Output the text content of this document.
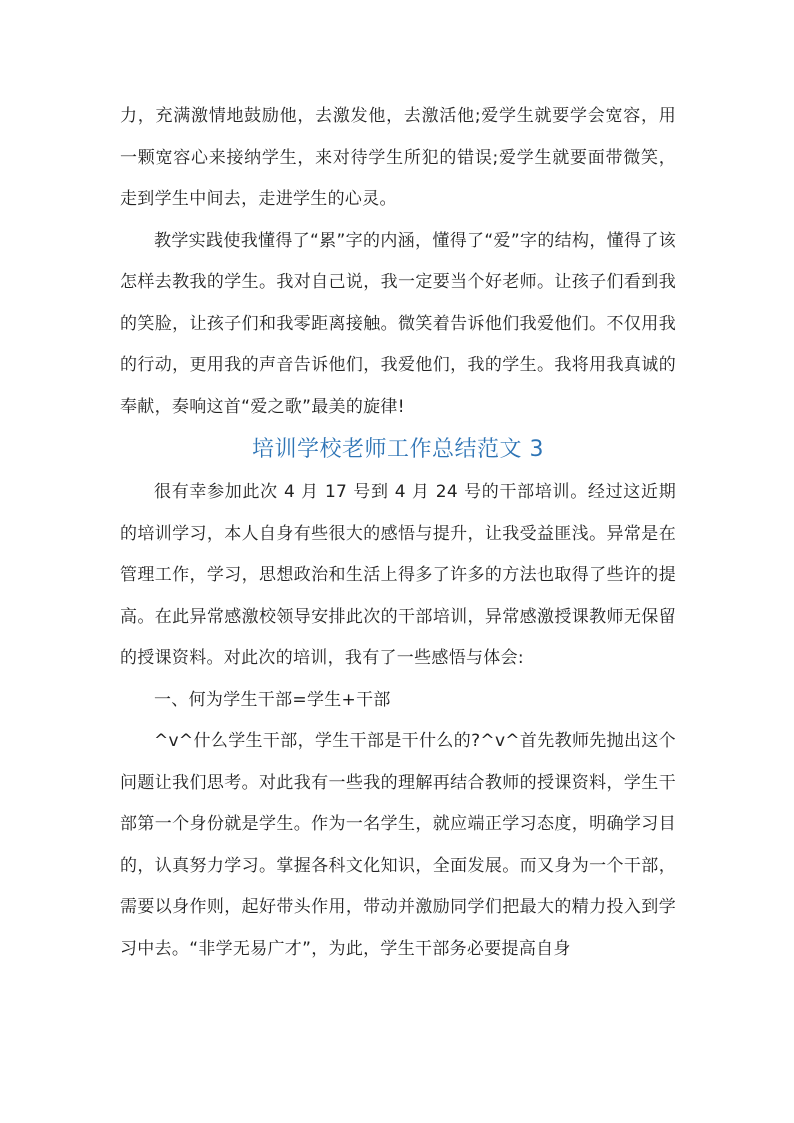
力，充满激情地鼓励他，去激发他，去激活他;爱学生就要学会宽容，用一颗宽容心来接纳学生，来对待学生所犯的错误;爱学生就要面带微笑，走到学生中间去，走进学生的心灵。

教学实践使我懂得了“累”字的内涵，懂得了“爱”字的结构，懂得了该怎样去教我的学生。我对自己说，我一定要当个好老师。让孩子们看到我的笑脸，让孩子们和我零距离接触。微笑着告诉他们我爱他们。不仅用我的行动，更用我的声音告诉他们，我爱他们，我的学生。我将用我真诚的奉献，奏响这首“爱之歌”最美的旋律!

培训学校老师工作总结范文 3

很有幸参加此次 4 月 17 号到 4 月 24 号的干部培训。经过这近期的培训学习，本人自身有些很大的感悟与提升，让我受益匪浅。异常是在管理工作，学习，思想政治和生活上得多了许多的方法也取得了些许的提高。在此异常感激校领导安排此次的干部培训，异常感激授课教师无保留的授课资料。对此次的培训，我有了一些感悟与体会:

一、何为学生干部=学生+干部

^v^什么学生干部，学生干部是干什么的?^v^首先教师先抛出这个问题让我们思考。对此我有一些我的理解再结合教师的授课资料，学生干部第一个身份就是学生。作为一名学生，就应端正学习态度，明确学习目的，认真努力学习。掌握各科文化知识，全面发展。而又身为一个干部，需要以身作则，起好带头作用，带动并激励同学们把最大的精力投入到学习中去。“非学无易广才”，为此，学生干部务必要提高自身
